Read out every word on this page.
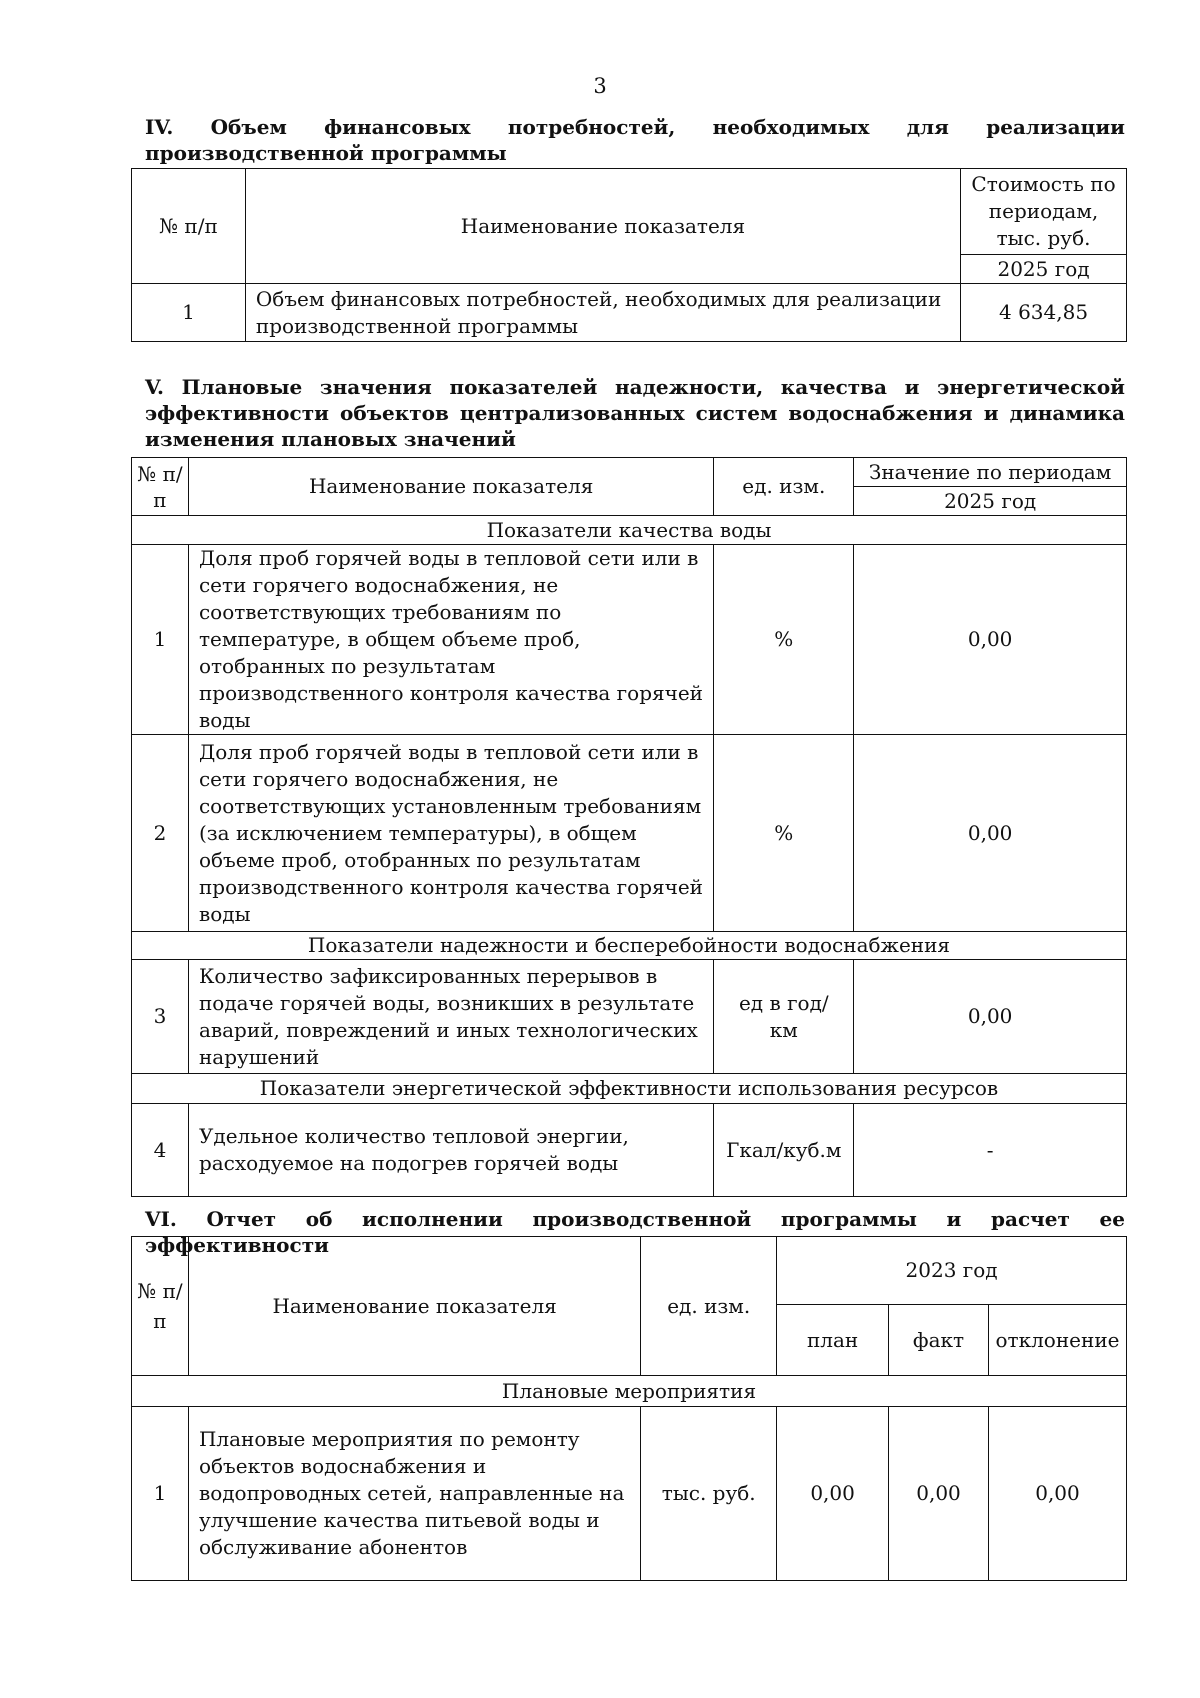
3
IV. Объем финансовых потребностей, необходимых для реализации производственной программы
№ п/п	Наименование показателя	Стоимость по периодам, тыс. руб.
		2025 год
1	Объем финансовых потребностей, необходимых для реализации производственной программы	4 634,85
V. Плановые значения показателей надежности, качества и энергетической эффективности объектов централизованных систем водоснабжения и динамика изменения плановых значений
№ п/п	Наименование показателя	ед. изм.	Значение по периодам
			2025 год
Показатели качества воды			
1	Доля проб горячей воды в тепловой сети или в сети горячего водоснабжения, не соответствующих требованиям по температуре, в общем объеме проб, отобранных по результатам производственного контроля качества горячей воды	%	0,00
2	Доля проб горячей воды в тепловой сети или в сети горячего водоснабжения, не соответствующих установленным требованиям (за исключением температуры), в общем объеме проб, отобранных по результатам производственного контроля качества горячей воды	%	0,00
Показатели надежности и бесперебойности водоснабжения			
3	Количество зафиксированных перерывов в подаче горячей воды, возникших в результате аварий, повреждений и иных технологических нарушений	ед в год/ км	0,00
Показатели энергетической эффективности использования ресурсов			
4	Удельное количество тепловой энергии, расходуемое на подогрев горячей воды	Гкал/куб.м	-
VI. Отчет об исполнении производственной программы и расчет ее эффективности
№ п/п	Наименование показателя	ед. изм.	2023 год		
			план	факт	отклонение
Плановые мероприятия					
1	Плановые мероприятия по ремонту объектов водоснабжения и водопроводных сетей, направленные на улучшение качества питьевой воды и обслуживание абонентов	тыс. руб.	0,00	0,00	0,00
